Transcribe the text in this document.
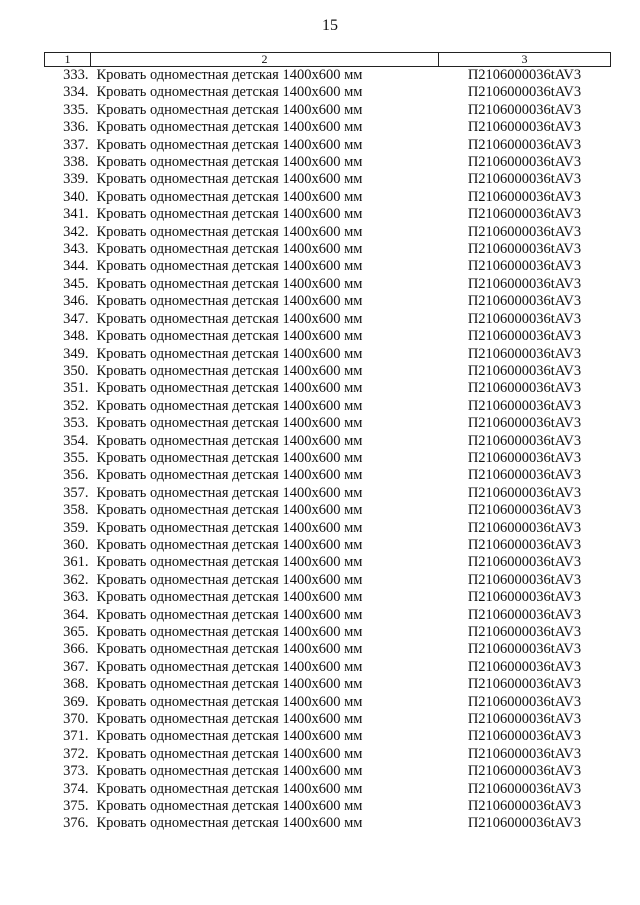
15
1	2	3
333.	Кровать одноместная детская 1400х600 мм	П2106000036tAV3
334.	Кровать одноместная детская 1400х600 мм	П2106000036tAV3
335.	Кровать одноместная детская 1400х600 мм	П2106000036tAV3
336.	Кровать одноместная детская 1400х600 мм	П2106000036tAV3
337.	Кровать одноместная детская 1400х600 мм	П2106000036tAV3
338.	Кровать одноместная детская 1400х600 мм	П2106000036tAV3
339.	Кровать одноместная детская 1400х600 мм	П2106000036tAV3
340.	Кровать одноместная детская 1400х600 мм	П2106000036tAV3
341.	Кровать одноместная детская 1400х600 мм	П2106000036tAV3
342.	Кровать одноместная детская 1400х600 мм	П2106000036tAV3
343.	Кровать одноместная детская 1400х600 мм	П2106000036tAV3
344.	Кровать одноместная детская 1400х600 мм	П2106000036tAV3
345.	Кровать одноместная детская 1400х600 мм	П2106000036tAV3
346.	Кровать одноместная детская 1400х600 мм	П2106000036tAV3
347.	Кровать одноместная детская 1400х600 мм	П2106000036tAV3
348.	Кровать одноместная детская 1400х600 мм	П2106000036tAV3
349.	Кровать одноместная детская 1400х600 мм	П2106000036tAV3
350.	Кровать одноместная детская 1400х600 мм	П2106000036tAV3
351.	Кровать одноместная детская 1400х600 мм	П2106000036tAV3
352.	Кровать одноместная детская 1400х600 мм	П2106000036tAV3
353.	Кровать одноместная детская 1400х600 мм	П2106000036tAV3
354.	Кровать одноместная детская 1400х600 мм	П2106000036tAV3
355.	Кровать одноместная детская 1400х600 мм	П2106000036tAV3
356.	Кровать одноместная детская 1400х600 мм	П2106000036tAV3
357.	Кровать одноместная детская 1400х600 мм	П2106000036tAV3
358.	Кровать одноместная детская 1400х600 мм	П2106000036tAV3
359.	Кровать одноместная детская 1400х600 мм	П2106000036tAV3
360.	Кровать одноместная детская 1400х600 мм	П2106000036tAV3
361.	Кровать одноместная детская 1400х600 мм	П2106000036tAV3
362.	Кровать одноместная детская 1400х600 мм	П2106000036tAV3
363.	Кровать одноместная детская 1400х600 мм	П2106000036tAV3
364.	Кровать одноместная детская 1400х600 мм	П2106000036tAV3
365.	Кровать одноместная детская 1400х600 мм	П2106000036tAV3
366.	Кровать одноместная детская 1400х600 мм	П2106000036tAV3
367.	Кровать одноместная детская 1400х600 мм	П2106000036tAV3
368.	Кровать одноместная детская 1400х600 мм	П2106000036tAV3
369.	Кровать одноместная детская 1400х600 мм	П2106000036tAV3
370.	Кровать одноместная детская 1400х600 мм	П2106000036tAV3
371.	Кровать одноместная детская 1400х600 мм	П2106000036tAV3
372.	Кровать одноместная детская 1400х600 мм	П2106000036tAV3
373.	Кровать одноместная детская 1400х600 мм	П2106000036tAV3
374.	Кровать одноместная детская 1400х600 мм	П2106000036tAV3
375.	Кровать одноместная детская 1400х600 мм	П2106000036tAV3
376.	Кровать одноместная детская 1400х600 мм	П2106000036tAV3
